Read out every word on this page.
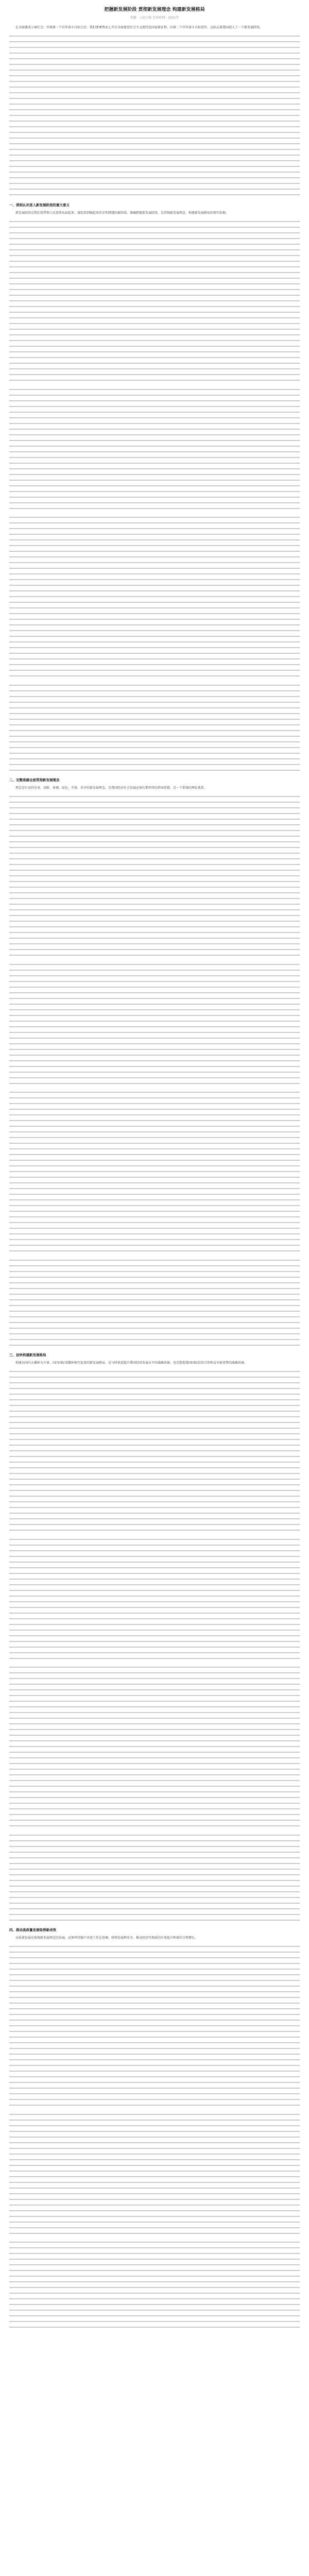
把握新发展阶段 贯彻新发展理念 构建新发展格局
来源：人民日报 发布时间：2021年

在全面建成小康社会、实现第一个百年奋斗目标之后，我们要乘势而上开启全面建设社会主义现代化国家新征程、向第二个百年奋斗目标进军，这标志着我国进入了一个新发展阶段。

一、深刻认识进入新发展阶段的重大意义

新发展阶段是我们党带领人民迎来从站起来、富起来到强起来历史性跨越的新阶段。准确把握新发展阶段，是贯彻新发展理念、构建新发展格局的现实依据。

二、完整准确全面贯彻新发展理念

理念是行动的先导。创新、协调、绿色、开放、共享的新发展理念，是我国经济社会发展必须长期坚持的指导思想，是一个系统的理论体系。

三、加快构建新发展格局

构建以国内大循环为主体、国内国际双循环相互促进的新发展格局，是与时俱进提升我国经济发展水平的战略抉择，也是塑造我国国际经济合作和竞争新优势的战略抉择。

四、推动高质量发展取得新成效

高质量发展是体现新发展理念的发展。必须坚持稳中求进工作总基调，统筹发展和安全，推动经济实现质的有效提升和量的合理增长。
